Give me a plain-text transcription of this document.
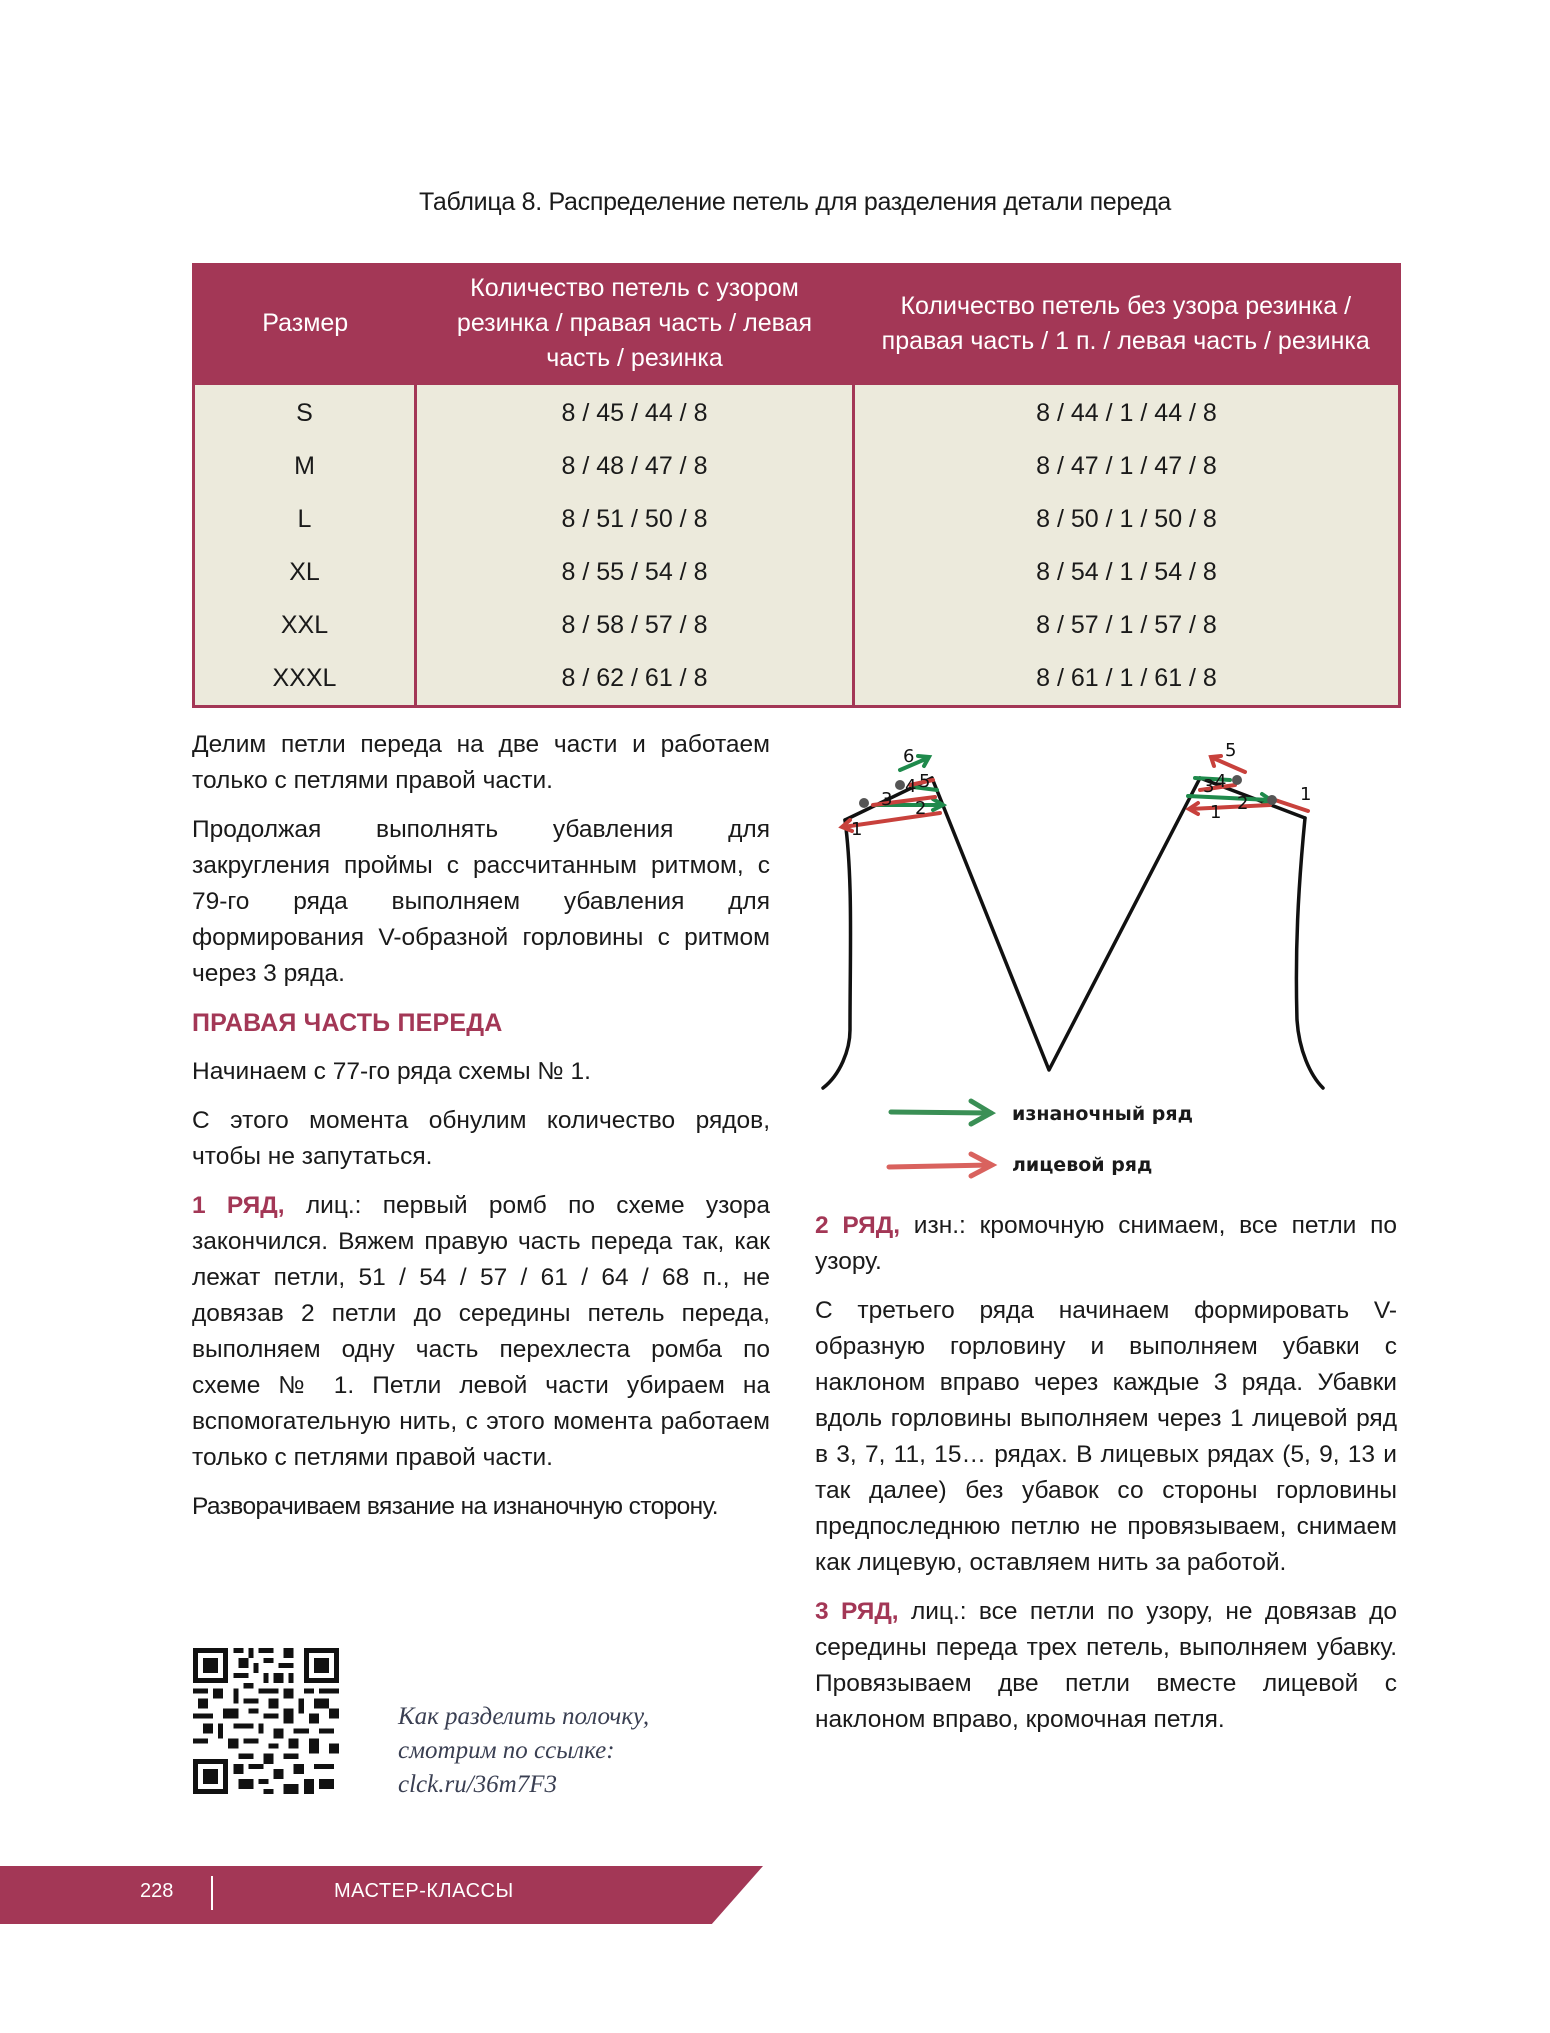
Таблица 8. Распределение петель для разделения детали переда
Размер	Количество петель с узором резинка / правая часть / левая часть / резинка	Количество петель без узора резинка / правая часть / 1 п. / левая часть / резинка
S	8 / 45 / 44 / 8	8 / 44 / 1 / 44 / 8
M	8 / 48 / 47 / 8	8 / 47 / 1 / 47 / 8
L	8 / 51 / 50 / 8	8 / 50 / 1 / 50 / 8
XL	8 / 55 / 54 / 8	8 / 54 / 1 / 54 / 8
XXL	8 / 58 / 57 / 8	8 / 57 / 1 / 57 / 8
XXXL	8 / 62 / 61 / 8	8 / 61 / 1 / 61 / 8

Делим петли переда на две части и работаем только с петлями правой части.

Продолжая выполнять убавления для закругления проймы с рассчитанным ритмом, с 79-го ряда выполняем убавления для формирования V-образной горловины с ритмом через 3 ряда.

ПРАВАЯ ЧАСТЬ ПЕРЕДА

Начинаем с 77-го ряда схемы № 1.

С этого момента обнулим количество рядов, чтобы не запутаться.

1 РЯД, лиц.: первый ромб по схеме узора закончился. Вяжем правую часть переда так, как лежат петли, 51 / 54 / 57 / 61 / 64 / 68 п., не довязав 2 петли до середины петель переда, выполняем одну часть перехлеста ромба по схеме № 1. Петли левой части убираем на вспомогательную нить, с этого момента работаем только с петлями правой части.

Разворачиваем вязание на изнаночную сторону.

6
5
4
3 2
1
5
4
3
2	1
1
изнаночный ряд
лицевой ряд

2 РЯД, изн.: кромочную снимаем, все петли по узору.

С третьего ряда начинаем формировать V-образную горловину и выполняем убавки с наклоном вправо через каждые 3 ряда. Убавки вдоль горловины выполняем через 1 лицевой ряд в 3, 7, 11, 15… рядах. В лицевых рядах (5, 9, 13 и так далее) без убавок со стороны горловины предпоследнюю петлю не провязываем, снимаем как лицевую, оставляем нить за работой.

3 РЯД, лиц.: все петли по узору, не довязав до середины переда трех петель, выполняем убавку. Провязываем две петли вместе лицевой с наклоном вправо, кромочная петля.

Как разделить полочку,
смотрим по ссылке:
clck.ru/36m7F3
228	МАСТЕР-КЛАССЫ
